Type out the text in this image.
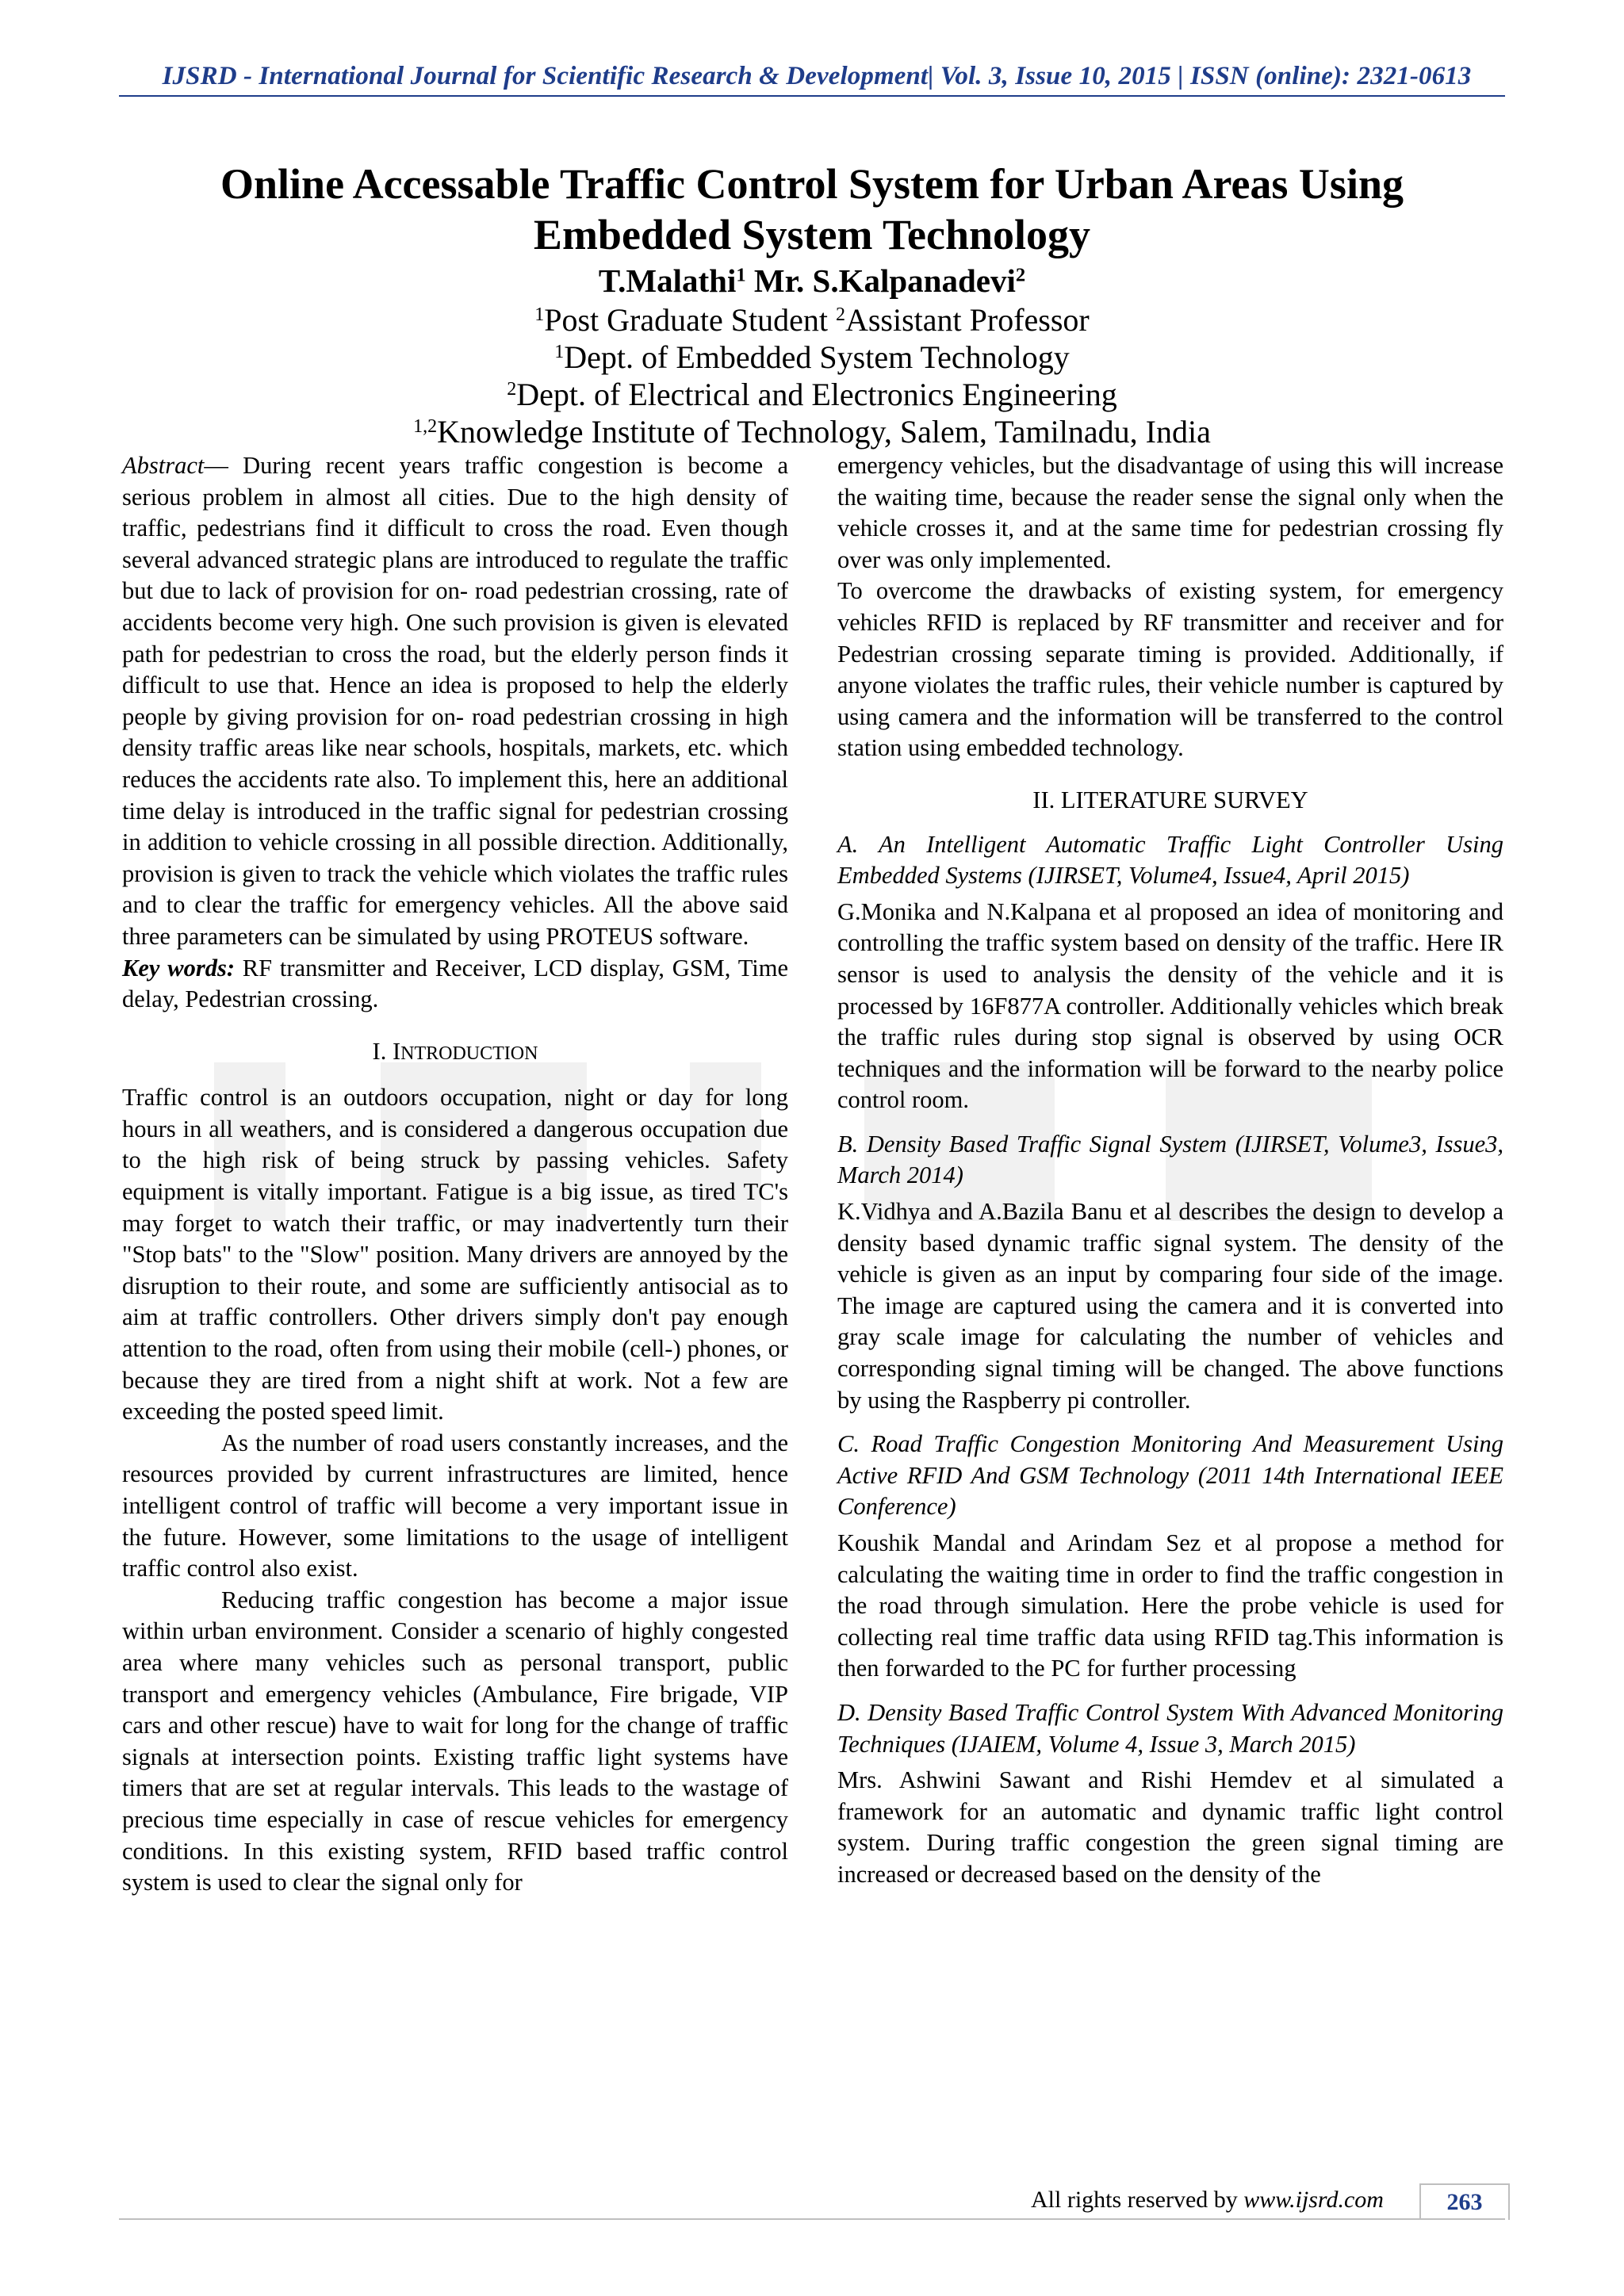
IJSRD - International Journal for Scientific Research & Development| Vol. 3, Issue 10, 2015 | ISSN (online): 2321-0613
Online Accessable Traffic Control System for Urban Areas Using
Embedded System Technology
T.Malathi$^1$ Mr. S.Kalpanadevi$^2$
$^1$Post Graduate Student $^2$Assistant Professor
$^1$Dept. of Embedded System Technology
$^2$Dept. of Electrical and Electronics Engineering
$^{1,2}$Knowledge Institute of Technology, Salem, Tamilnadu, India

Abstract— During recent years traffic congestion is become a serious problem in almost all cities. Due to the high density of traffic, pedestrians find it difficult to cross the road. Even though several advanced strategic plans are introduced to regulate the traffic but due to lack of provision for on- road pedestrian crossing, rate of accidents become very high. One such provision is given is elevated path for pedestrian to cross the road, but the elderly person finds it difficult to use that. Hence an idea is proposed to help the elderly people by giving provision for on- road pedestrian crossing in high density traffic areas like near schools, hospitals, markets, etc. which reduces the accidents rate also. To implement this, here an additional time delay is introduced in the traffic signal for pedestrian crossing in addition to vehicle crossing in all possible direction. Additionally, provision is given to track the vehicle which violates the traffic rules and to clear the traffic for emergency vehicles. All the above said three parameters can be simulated by using PROTEUS software.

Key words: RF transmitter and Receiver, LCD display, GSM, Time delay, Pedestrian crossing.

I. INTRODUCTION

Traffic control is an outdoors occupation, night or day for long hours in all weathers, and is considered a dangerous occupation due to the high risk of being struck by passing vehicles. Safety equipment is vitally important. Fatigue is a big issue, as tired TC's may forget to watch their traffic, or may inadvertently turn their "Stop bats" to the "Slow" position. Many drivers are annoyed by the disruption to their route, and some are sufficiently antisocial as to aim at traffic controllers. Other drivers simply don't pay enough attention to the road, often from using their mobile (cell-) phones, or because they are tired from a night shift at work. Not a few are exceeding the posted speed limit.

As the number of road users constantly increases, and the resources provided by current infrastructures are limited, hence intelligent control of traffic will become a very important issue in the future. However, some limitations to the usage of intelligent traffic control also exist.

Reducing traffic congestion has become a major issue within urban environment. Consider a scenario of highly congested area where many vehicles such as personal transport, public transport and emergency vehicles (Ambulance, Fire brigade, VIP cars and other rescue) have to wait for long for the change of traffic signals at intersection points. Existing traffic light systems have timers that are set at regular intervals. This leads to the wastage of precious time especially in case of rescue vehicles for emergency conditions. In this existing system, RFID based traffic control system is used to clear the signal only for

emergency vehicles, but the disadvantage of using this will increase the waiting time, because the reader sense the signal only when the vehicle crosses it, and at the same time for pedestrian crossing fly over was only implemented.

To overcome the drawbacks of existing system, for emergency vehicles RFID is replaced by RF transmitter and receiver and for Pedestrian crossing separate timing is provided. Additionally, if anyone violates the traffic rules, their vehicle number is captured by using camera and the information will be transferred to the control station using embedded technology.

II. LITERATURE SURVEY

A. An Intelligent Automatic Traffic Light Controller Using Embedded Systems (IJIRSET, Volume4, Issue4, April 2015)

G.Monika and N.Kalpana et al proposed an idea of monitoring and controlling the traffic system based on density of the traffic. Here IR sensor is used to analysis the density of the vehicle and it is processed by 16F877A controller. Additionally vehicles which break the traffic rules during stop signal is observed by using OCR techniques and the information will be forward to the nearby police control room.

B. Density Based Traffic Signal System (IJIRSET, Volume3, Issue3, March 2014)

K.Vidhya and A.Bazila Banu et al describes the design to develop a density based dynamic traffic signal system. The density of the vehicle is given as an input by comparing four side of the image. The image are captured using the camera and it is converted into gray scale image for calculating the number of vehicles and corresponding signal timing will be changed. The above functions by using the Raspberry pi controller.

C. Road Traffic Congestion Monitoring And Measurement Using Active RFID And GSM Technology (2011 14th International IEEE Conference)

Koushik Mandal and Arindam Sez et al propose a method for calculating the waiting time in order to find the traffic congestion in the road through simulation. Here the probe vehicle is used for collecting real time traffic data using RFID tag.This information is then forwarded to the PC for further processing

D. Density Based Traffic Control System With Advanced Monitoring Techniques (IJAIEM, Volume 4, Issue 3, March 2015)

Mrs. Ashwini Sawant and Rishi Hemdev et al simulated a framework for an automatic and dynamic traffic light control system. During traffic congestion the green signal timing are increased or decreased based on the density of the

All rights reserved by www.ijsrd.com	263
